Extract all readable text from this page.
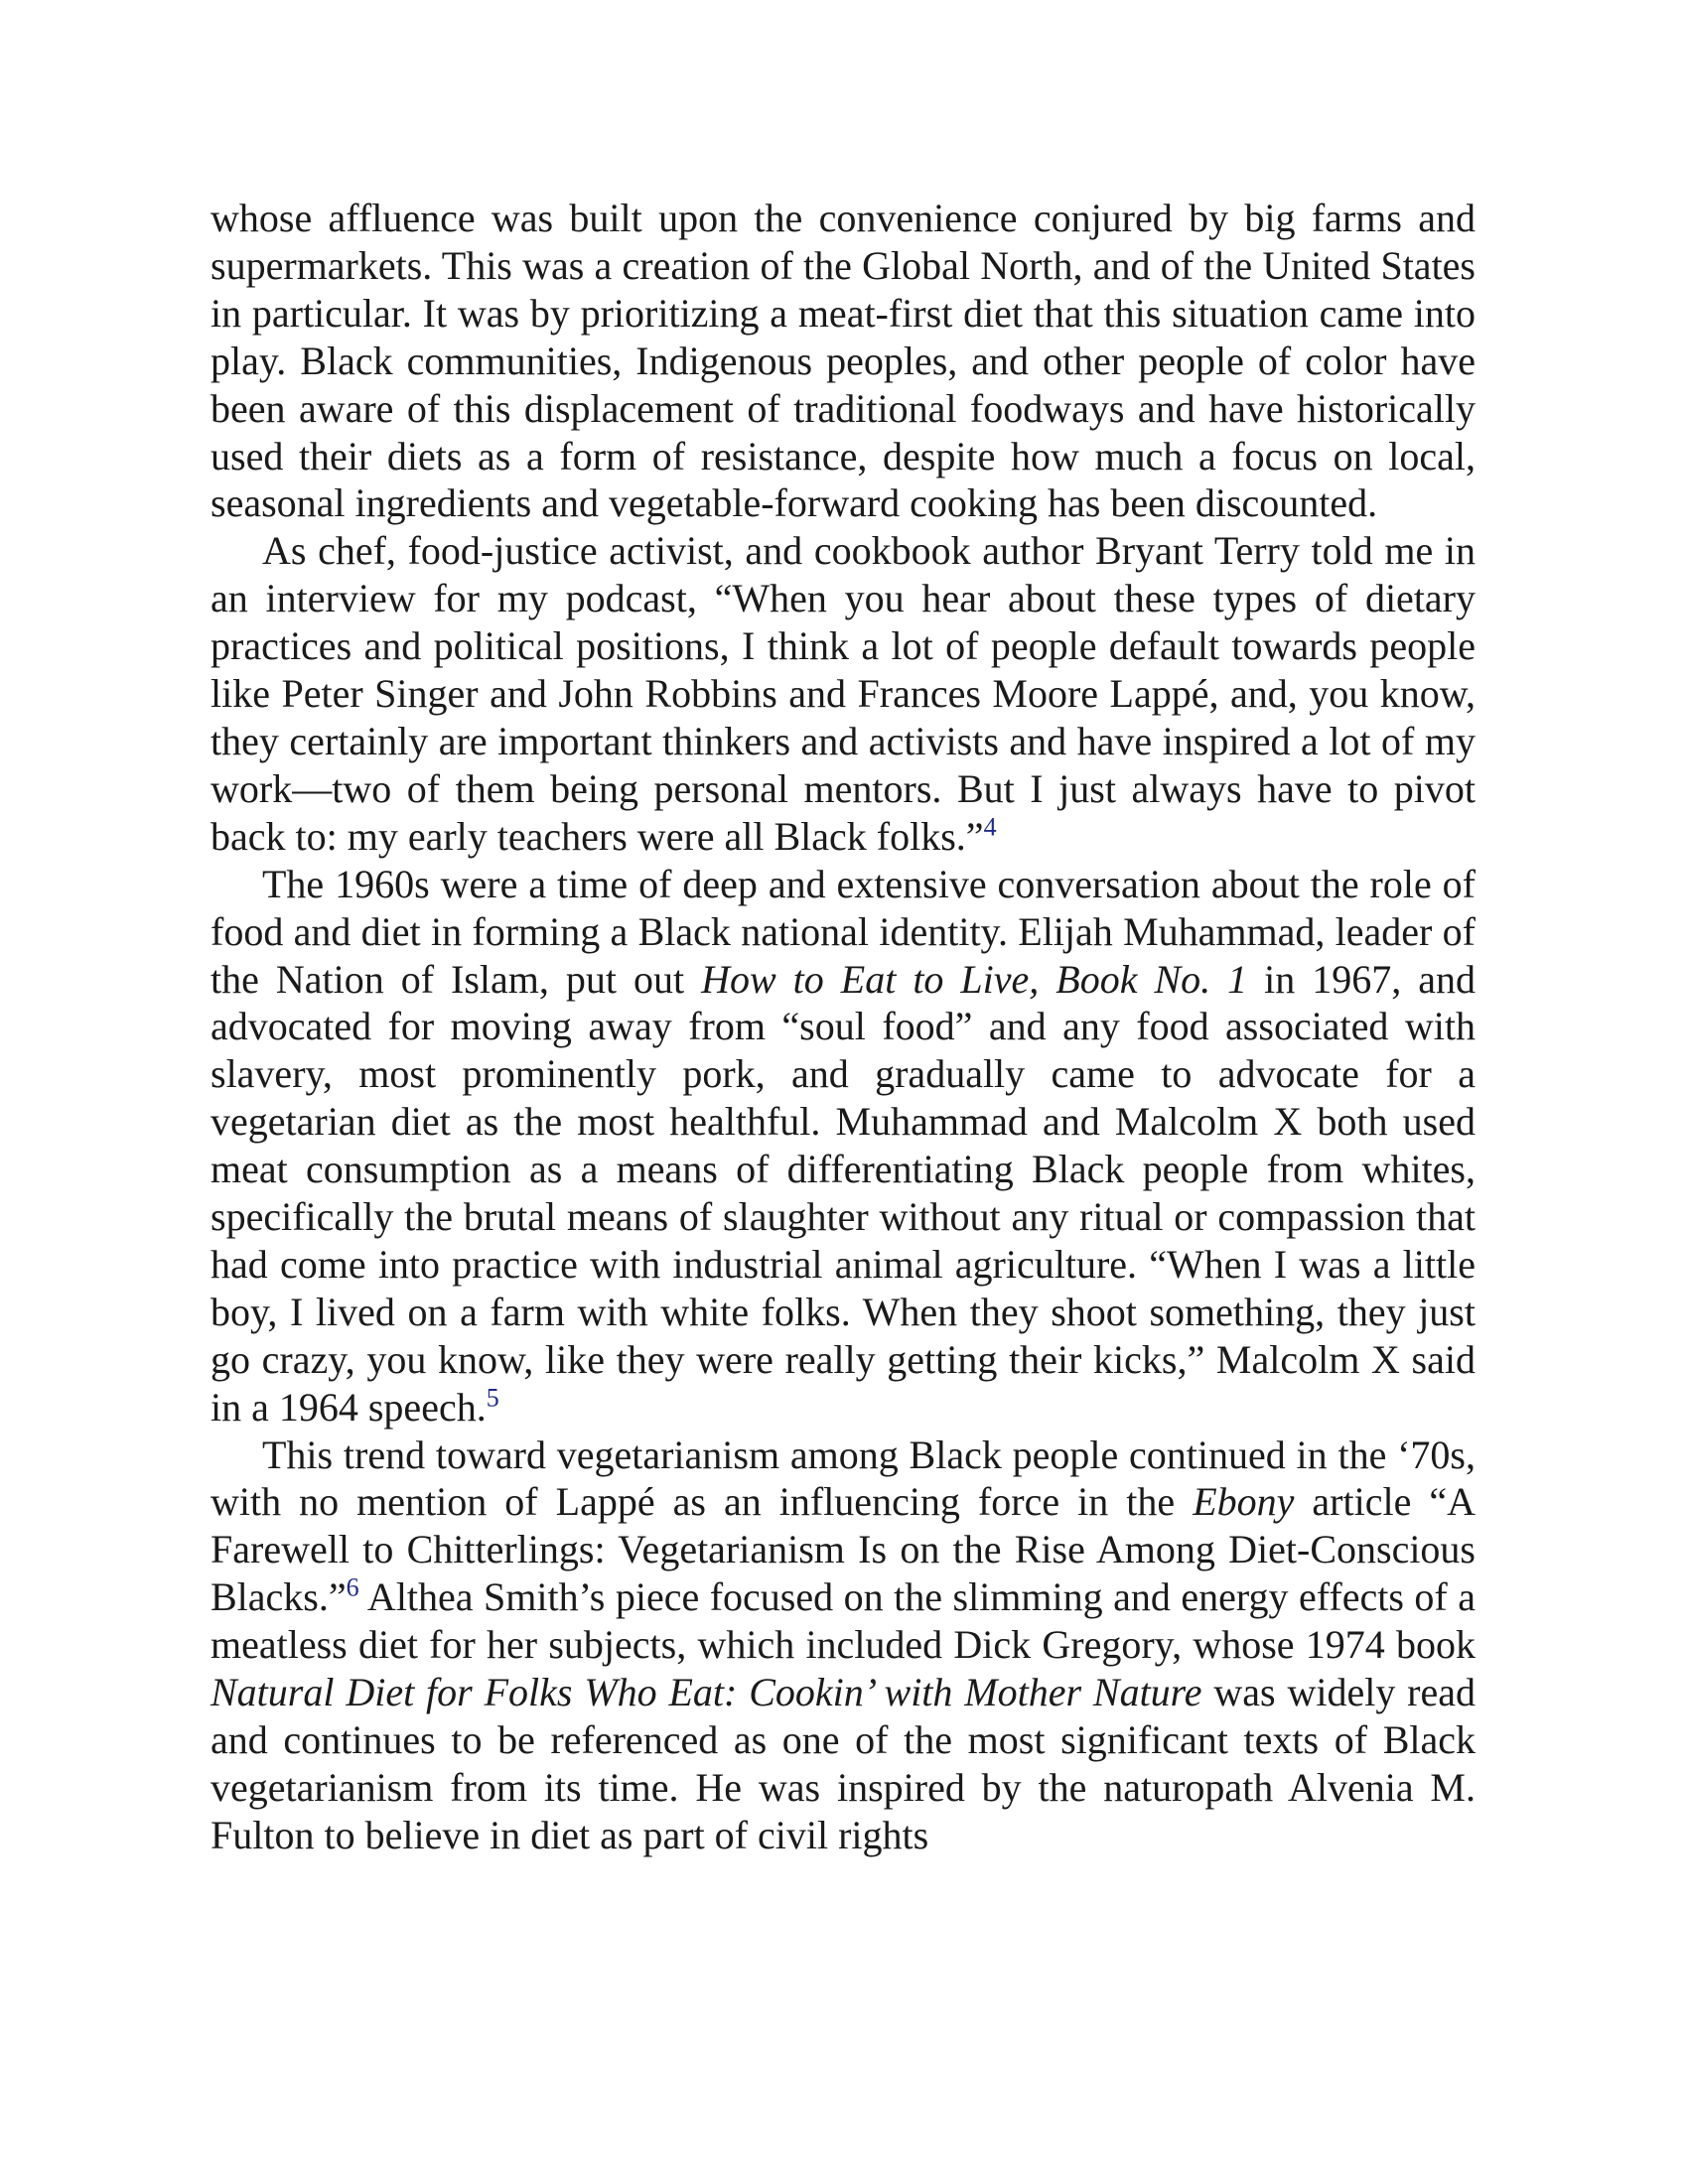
whose affluence was built upon the convenience conjured by big farms and supermarkets. This was a creation of the Global North, and of the United States in particular. It was by prioritizing a meat-first diet that this situation came into play. Black communities, Indigenous peoples, and other people of color have been aware of this displacement of traditional foodways and have historically used their diets as a form of resistance, despite how much a focus on local, seasonal ingredients and vegetable-forward cooking has been discounted.

As chef, food-justice activist, and cookbook author Bryant Terry told me in an interview for my podcast, “When you hear about these types of dietary practices and political positions, I think a lot of people default towards people like Peter Singer and John Robbins and Frances Moore Lappé, and, you know, they certainly are important thinkers and activists and have inspired a lot of my work—two of them being personal mentors. But I just always have to pivot back to: my early teachers were all Black folks.”$^4$

The 1960s were a time of deep and extensive conversation about the role of food and diet in forming a Black national identity. Elijah Muhammad, leader of the Nation of Islam, put out How to Eat to Live, Book No. 1 in 1967, and advocated for moving away from “soul food” and any food associated with slavery, most prominently pork, and gradually came to advocate for a vegetarian diet as the most healthful. Muhammad and Malcolm X both used meat consumption as a means of differentiating Black people from whites, specifically the brutal means of slaughter without any ritual or compassion that had come into practice with industrial animal agriculture. “When I was a little boy, I lived on a farm with white folks. When they shoot something, they just go crazy, you know, like they were really getting their kicks,” Malcolm X said in a 1964 speech.$^5$

This trend toward vegetarianism among Black people continued in the ‘70s, with no mention of Lappé as an influencing force in the Ebony article “A Farewell to Chitterlings: Vegetarianism Is on the Rise Among Diet-Conscious Blacks.”$^6$ Althea Smith’s piece focused on the slimming and energy effects of a meatless diet for her subjects, which included Dick Gregory, whose 1974 book Natural Diet for Folks Who Eat: Cookin’ with Mother Nature was widely read and continues to be referenced as one of the most significant texts of Black vegetarianism from its time. He was inspired by the naturopath Alvenia M. Fulton to believe in diet as part of civil rights
